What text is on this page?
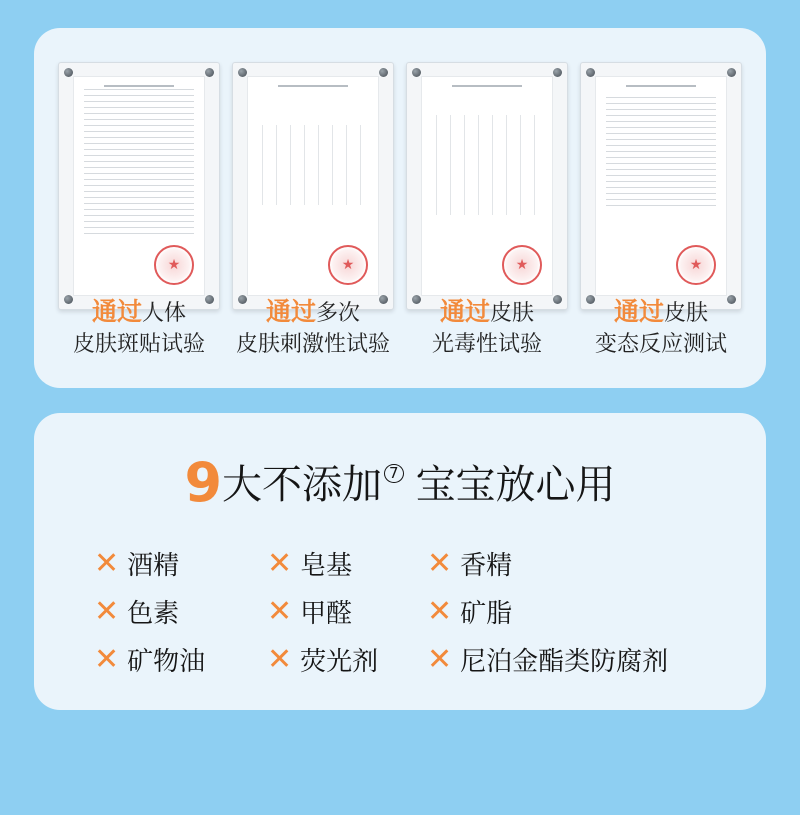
★
通过人体
皮肤斑贴试验
★
通过多次
皮肤刺激性试验
★
通过皮肤
光毒性试验
★
通过皮肤
变态反应测试
9大不添加 7 宝宝放心用
✕ 酒精	✕ 皂基 ✕ 香精
✕ 色素	✕ 甲醛 ✕ 矿脂
✕ 矿物油 ✕ 荧光剂 ✕ 尼泊金酯类防腐剂
